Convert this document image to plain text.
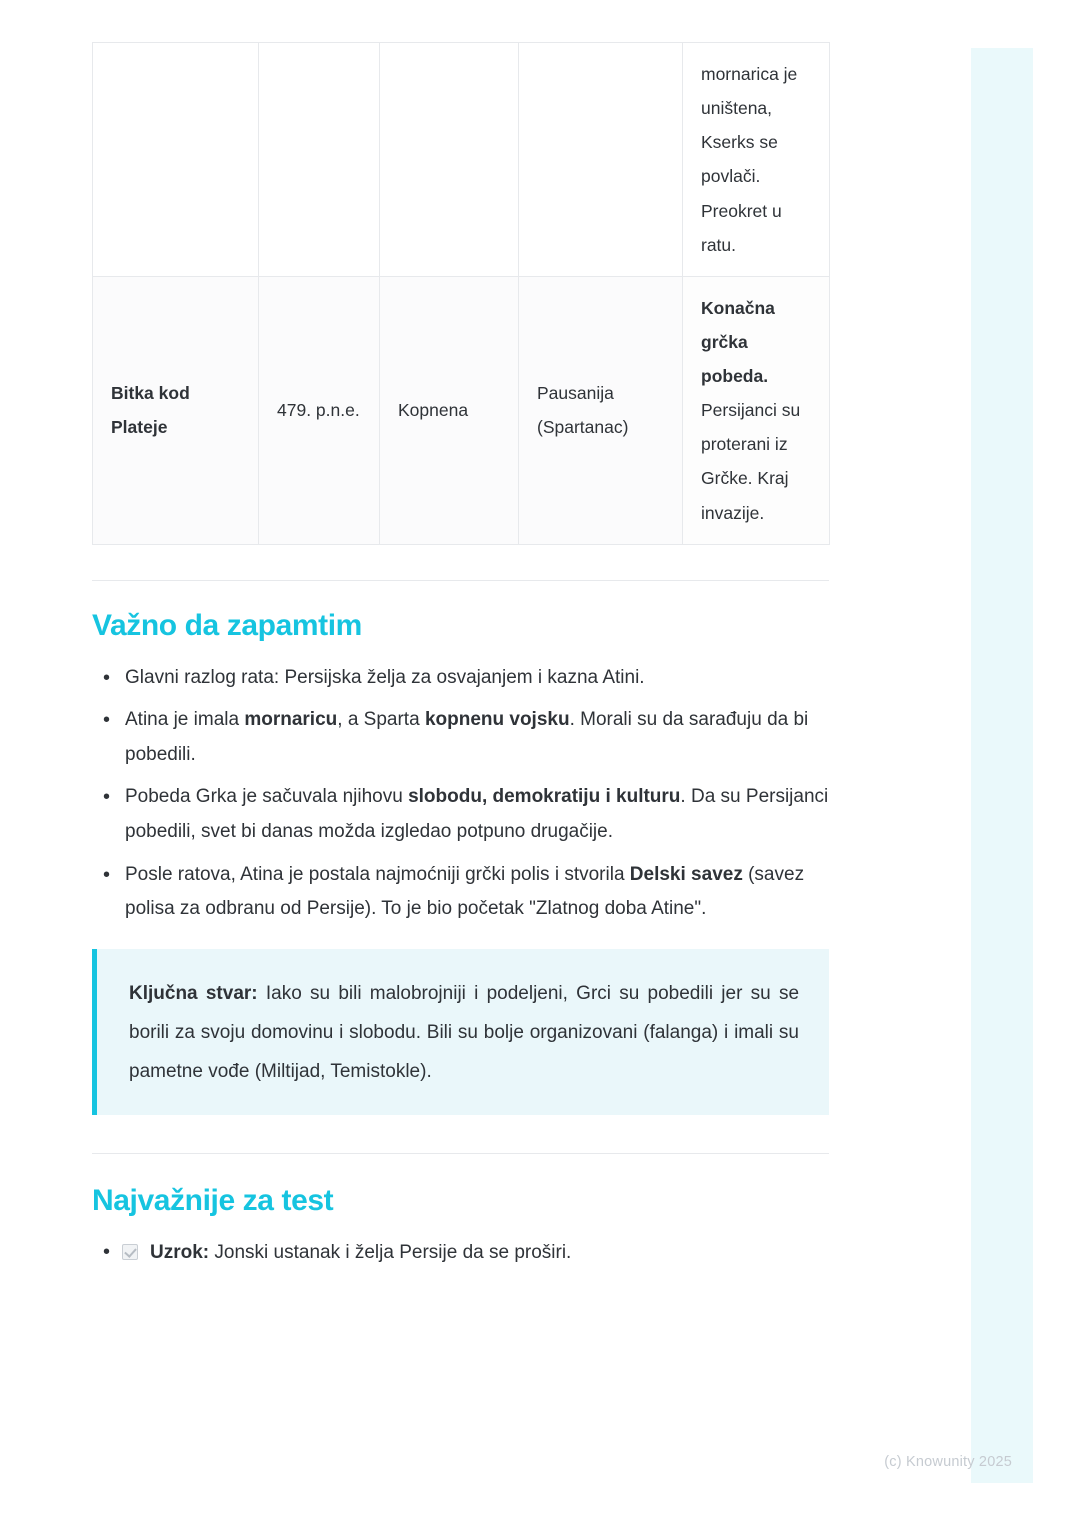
				mornarica je uništena, Kserks se povlači. Preokret u ratu.
Bitka kod Plateje	479. p.n.e.	Kopnena	Pausanija (Spartanac)	Konačna grčka pobeda. Persijanci su proterani iz Grčke. Kraj invazije.
Važno da zapamtim
• Glavni razlog rata: Persijska želja za osvajanjem i kazna Atini.
• Atina je imala mornaricu, a Sparta kopnenu vojsku. Morali su da sarađuju da bi pobedili.
• Pobeda Grka je sačuvala njihovu slobodu, demokratiju i kulturu. Da su Persijanci pobedili, svet bi danas možda izgledao potpuno drugačije.
• Posle ratova, Atina je postala najmoćniji grčki polis i stvorila Delski savez (savez polisa za odbranu od Persije). To je bio početak "Zlatnog doba Atine".

Ključna stvar: Iako su bili malobrojniji i podeljeni, Grci su pobedili jer su se borili za svoju domovinu i slobodu. Bili su bolje organizovani (falanga) i imali su pametne vođe (Miltijad, Temistokle).

Najvažnije za test
• Uzrok: Jonski ustanak i želja Persije da se proširi.
(c) Knowunity 2025
